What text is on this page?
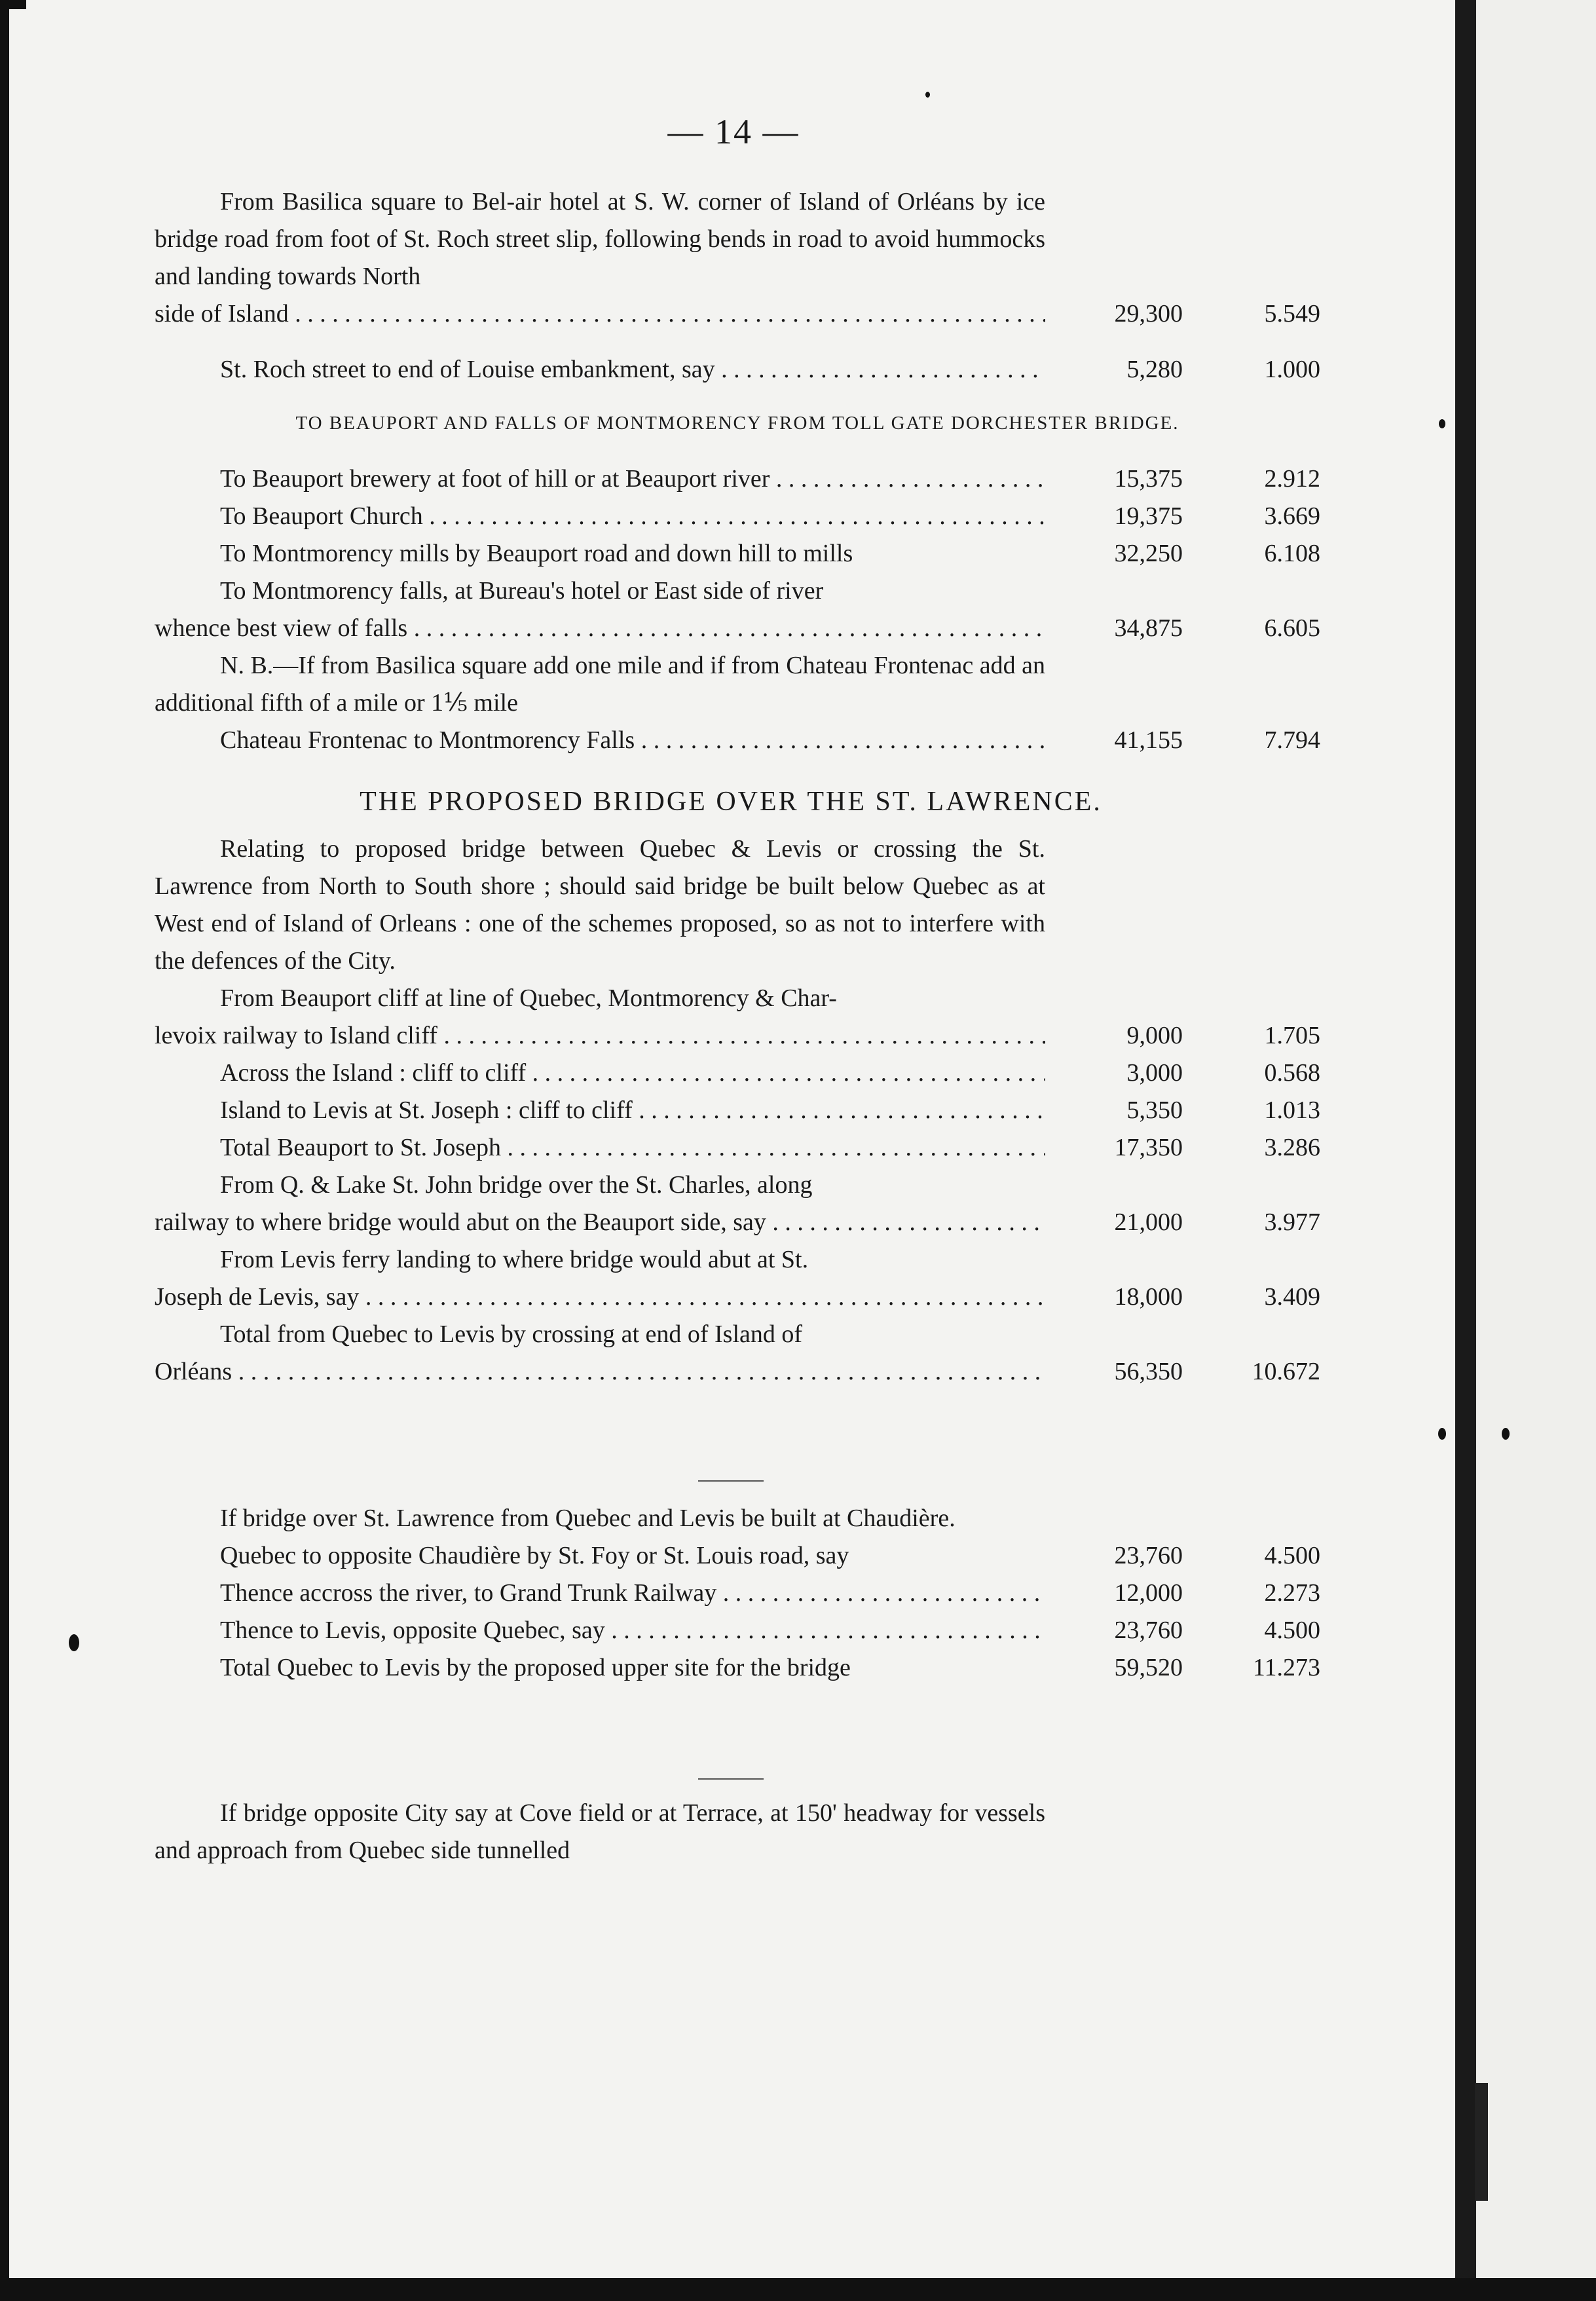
— 14 —
From Basilica square to Bel-air hotel at S. W. corner of Island of Orléans by ice bridge road from foot of St. Roch street slip, following bends in road to avoid hummocks and landing towards North
side of Island . . .	29,300	5.549
St. Roch street to end of Louise embankment, say . . .	5,280	1.000
TO BEAUPORT AND FALLS OF MONTMORENCY FROM TOLL GATE DORCHESTER BRIDGE.
To Beauport brewery at foot of hill or at Beauport river . . .	15,375	2.912
To Beauport Church . . .	19,375	3.669
To Montmorency mills by Beauport road and down hill to mills	32,250	6.108
To Montmorency falls, at Bureau's hotel or East side of river
whence best view of falls . . .	34,875	6.605
N. B.—If from Basilica square add one mile and if from Chateau Frontenac add an additional fifth of a mile or 1⅕ mile
Chateau Frontenac to Montmorency Falls . . .	41,155	7.794
THE PROPOSED BRIDGE OVER THE ST. LAWRENCE.
Relating to proposed bridge between Quebec & Levis or crossing the St. Lawrence from North to South shore ; should said bridge be built below Quebec as at West end of Island of Orleans : one of the schemes proposed, so as not to interfere with the defences of the City.
From Beauport cliff at line of Quebec, Montmorency & Char-
levoix railway to Island cliff . . .	9,000	1.705
Across the Island : cliff to cliff . . .	3,000	0.568
Island to Levis at St. Joseph : cliff to cliff . . .	5,350	1.013
Total Beauport to St. Joseph . . .	17,350	3.286
From Q. & Lake St. John bridge over the St. Charles, along
railway to where bridge would abut on the Beauport side, say . . .	21,000	3.977
From Levis ferry landing to where bridge would abut at St.
Joseph de Levis, say . . .	18,000	3.409
Total from Quebec to Levis by crossing at end of Island of
Orléans . . .	56,350	10.672
If bridge over St. Lawrence from Quebec and Levis be built at Chaudière.
Quebec to opposite Chaudière by St. Foy or St. Louis road, say	23,760	4.500
Thence accross the river, to Grand Trunk Railway . . .	12,000	2.273
Thence to Levis, opposite Quebec, say . . .	23,760	4.500
Total Quebec to Levis by the proposed upper site for the bridge	59,520	11.273
If bridge opposite City say at Cove field or at Terrace, at 150' headway for vessels and approach from Quebec side tunnelled
